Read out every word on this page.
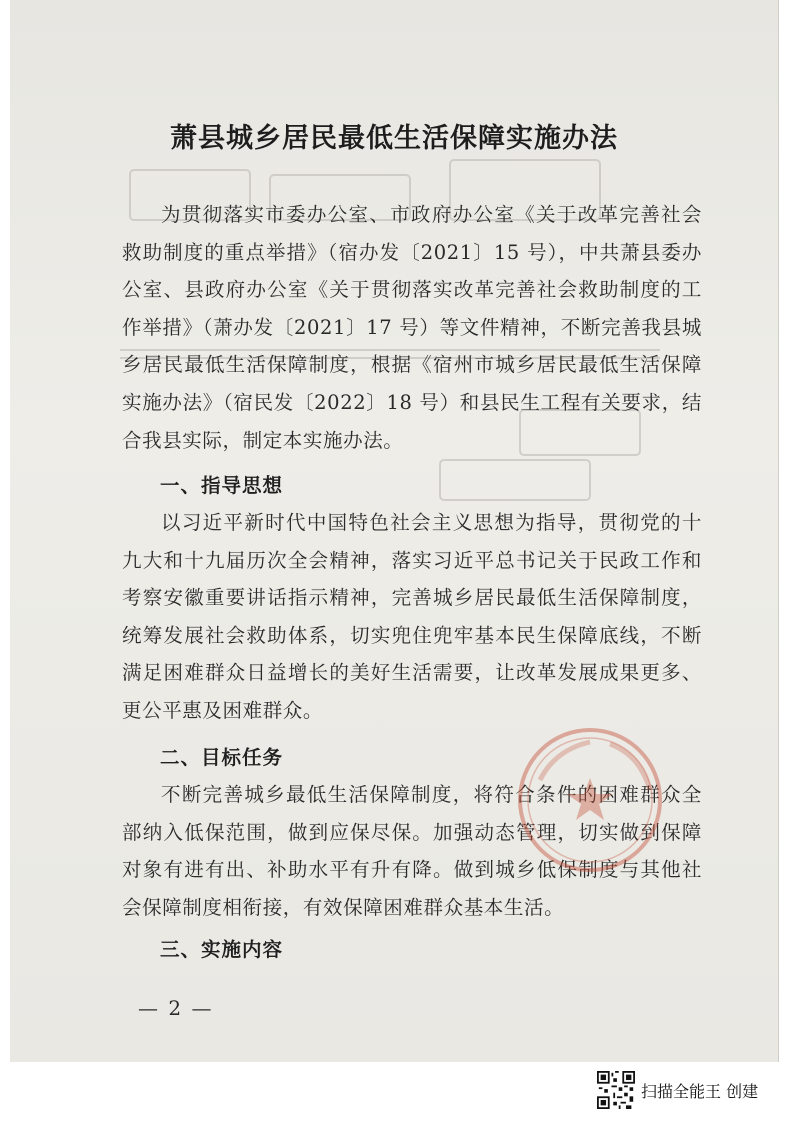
萧县城乡居民最低生活保障实施办法

为贯彻落实市委办公室、市政府办公室《关于改革完善社会救助制度的重点举措》（宿办发〔2021〕15 号），中共萧县委办公室、县政府办公室《关于贯彻落实改革完善社会救助制度的工作举措》（萧办发〔2021〕17 号）等文件精神，不断完善我县城乡居民最低生活保障制度，根据《宿州市城乡居民最低生活保障实施办法》（宿民发〔2022〕18 号）和县民生工程有关要求，结合我县实际，制定本实施办法。

一、指导思想

以习近平新时代中国特色社会主义思想为指导，贯彻党的十九大和十九届历次全会精神，落实习近平总书记关于民政工作和考察安徽重要讲话指示精神，完善城乡居民最低生活保障制度，统筹发展社会救助体系，切实兜住兜牢基本民生保障底线，不断满足困难群众日益增长的美好生活需要，让改革发展成果更多、更公平惠及困难群众。

二、目标任务

不断完善城乡最低生活保障制度，将符合条件的困难群众全部纳入低保范围，做到应保尽保。加强动态管理，切实做到保障对象有进有出、补助水平有升有降。做到城乡低保制度与其他社会保障制度相衔接，有效保障困难群众基本生活。

三、实施内容
— 2 —
扫描全能王 创建
